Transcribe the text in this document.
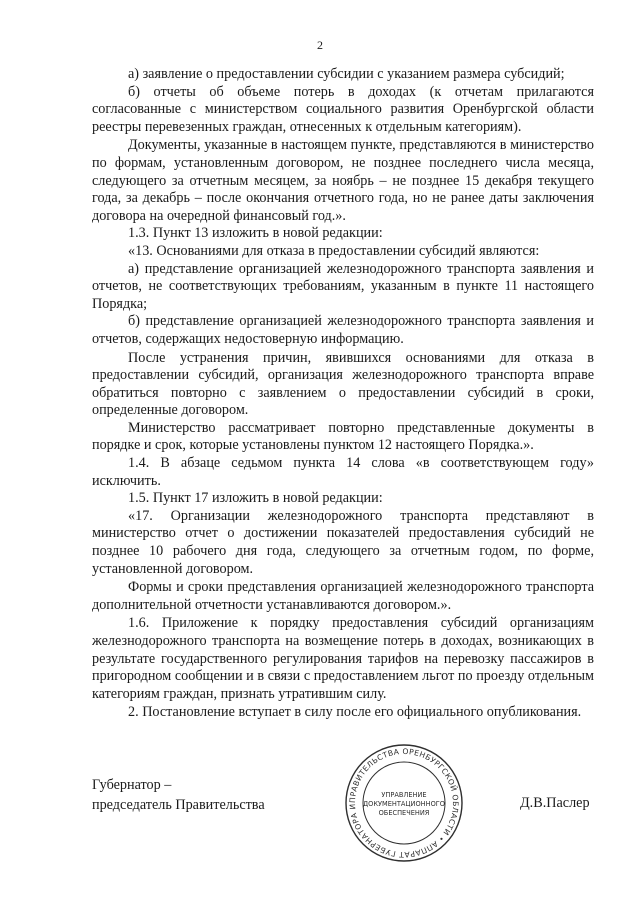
2

а) заявление о предоставлении субсидии с указанием размера субсидий;

б) отчеты об объеме потерь в доходах (к отчетам прилагаются согласованные с министерством социального развития Оренбургской области реестры перевезенных граждан, отнесенных к отдельным категориям).

Документы, указанные в настоящем пункте, представляются в министерство по формам, установленным договором, не позднее последнего числа месяца, следующего за отчетным месяцем, за ноябрь – не позднее 15 декабря текущего года, за декабрь – после окончания отчетного года, но не ранее даты заключения договора на очередной финансовый год.».

1.3. Пункт 13 изложить в новой редакции:

«13. Основаниями для отказа в предоставлении субсидий являются:

а) представление организацией железнодорожного транспорта заявления и отчетов, не соответствующих требованиям, указанным в пункте 11 настоящего Порядка;

б) представление организацией железнодорожного транспорта заявления и отчетов, содержащих недостоверную информацию.

После устранения причин, явившихся основаниями для отказа в предоставлении субсидий, организация железнодорожного транспорта вправе обратиться повторно с заявлением о предоставлении субсидий в сроки, определенные договором.

Министерство рассматривает повторно представленные документы в порядке и срок, которые установлены пунктом 12 настоящего Порядка.».

1.4. В абзаце седьмом пункта 14 слова «в соответствующем году» исключить.

1.5. Пункт 17 изложить в новой редакции:

«17. Организации железнодорожного транспорта представляют в министерство отчет о достижении показателей предоставления субсидий не позднее 10 рабочего дня года, следующего за отчетным годом, по форме, установленной договором.

Формы и сроки представления организацией железнодорожного транспорта дополнительной отчетности устанавливаются договором.».

1.6. Приложение к порядку предоставления субсидий организациям железнодорожного транспорта на возмещение потерь в доходах, возникающих в результате государственного регулирования тарифов на перевозку пассажиров в пригородном сообщении и в связи с предоставлением льгот по проезду отдельным категориям граждан, признать утратившим силу.

2. Постановление вступает в силу после его официального опубликования.

Губернатор –
председатель Правительства	Д.В.Паслер
ПРАВИТЕЛЬСТВА ОРЕНБУРГСКОЙ ОБЛАСТИ • АППАРАТ ГУБЕРНАТОРА И
УПРАВЛЕНИЕ
ДОКУМЕНТАЦИОННОГО
ОБЕСПЕЧЕНИЯ
